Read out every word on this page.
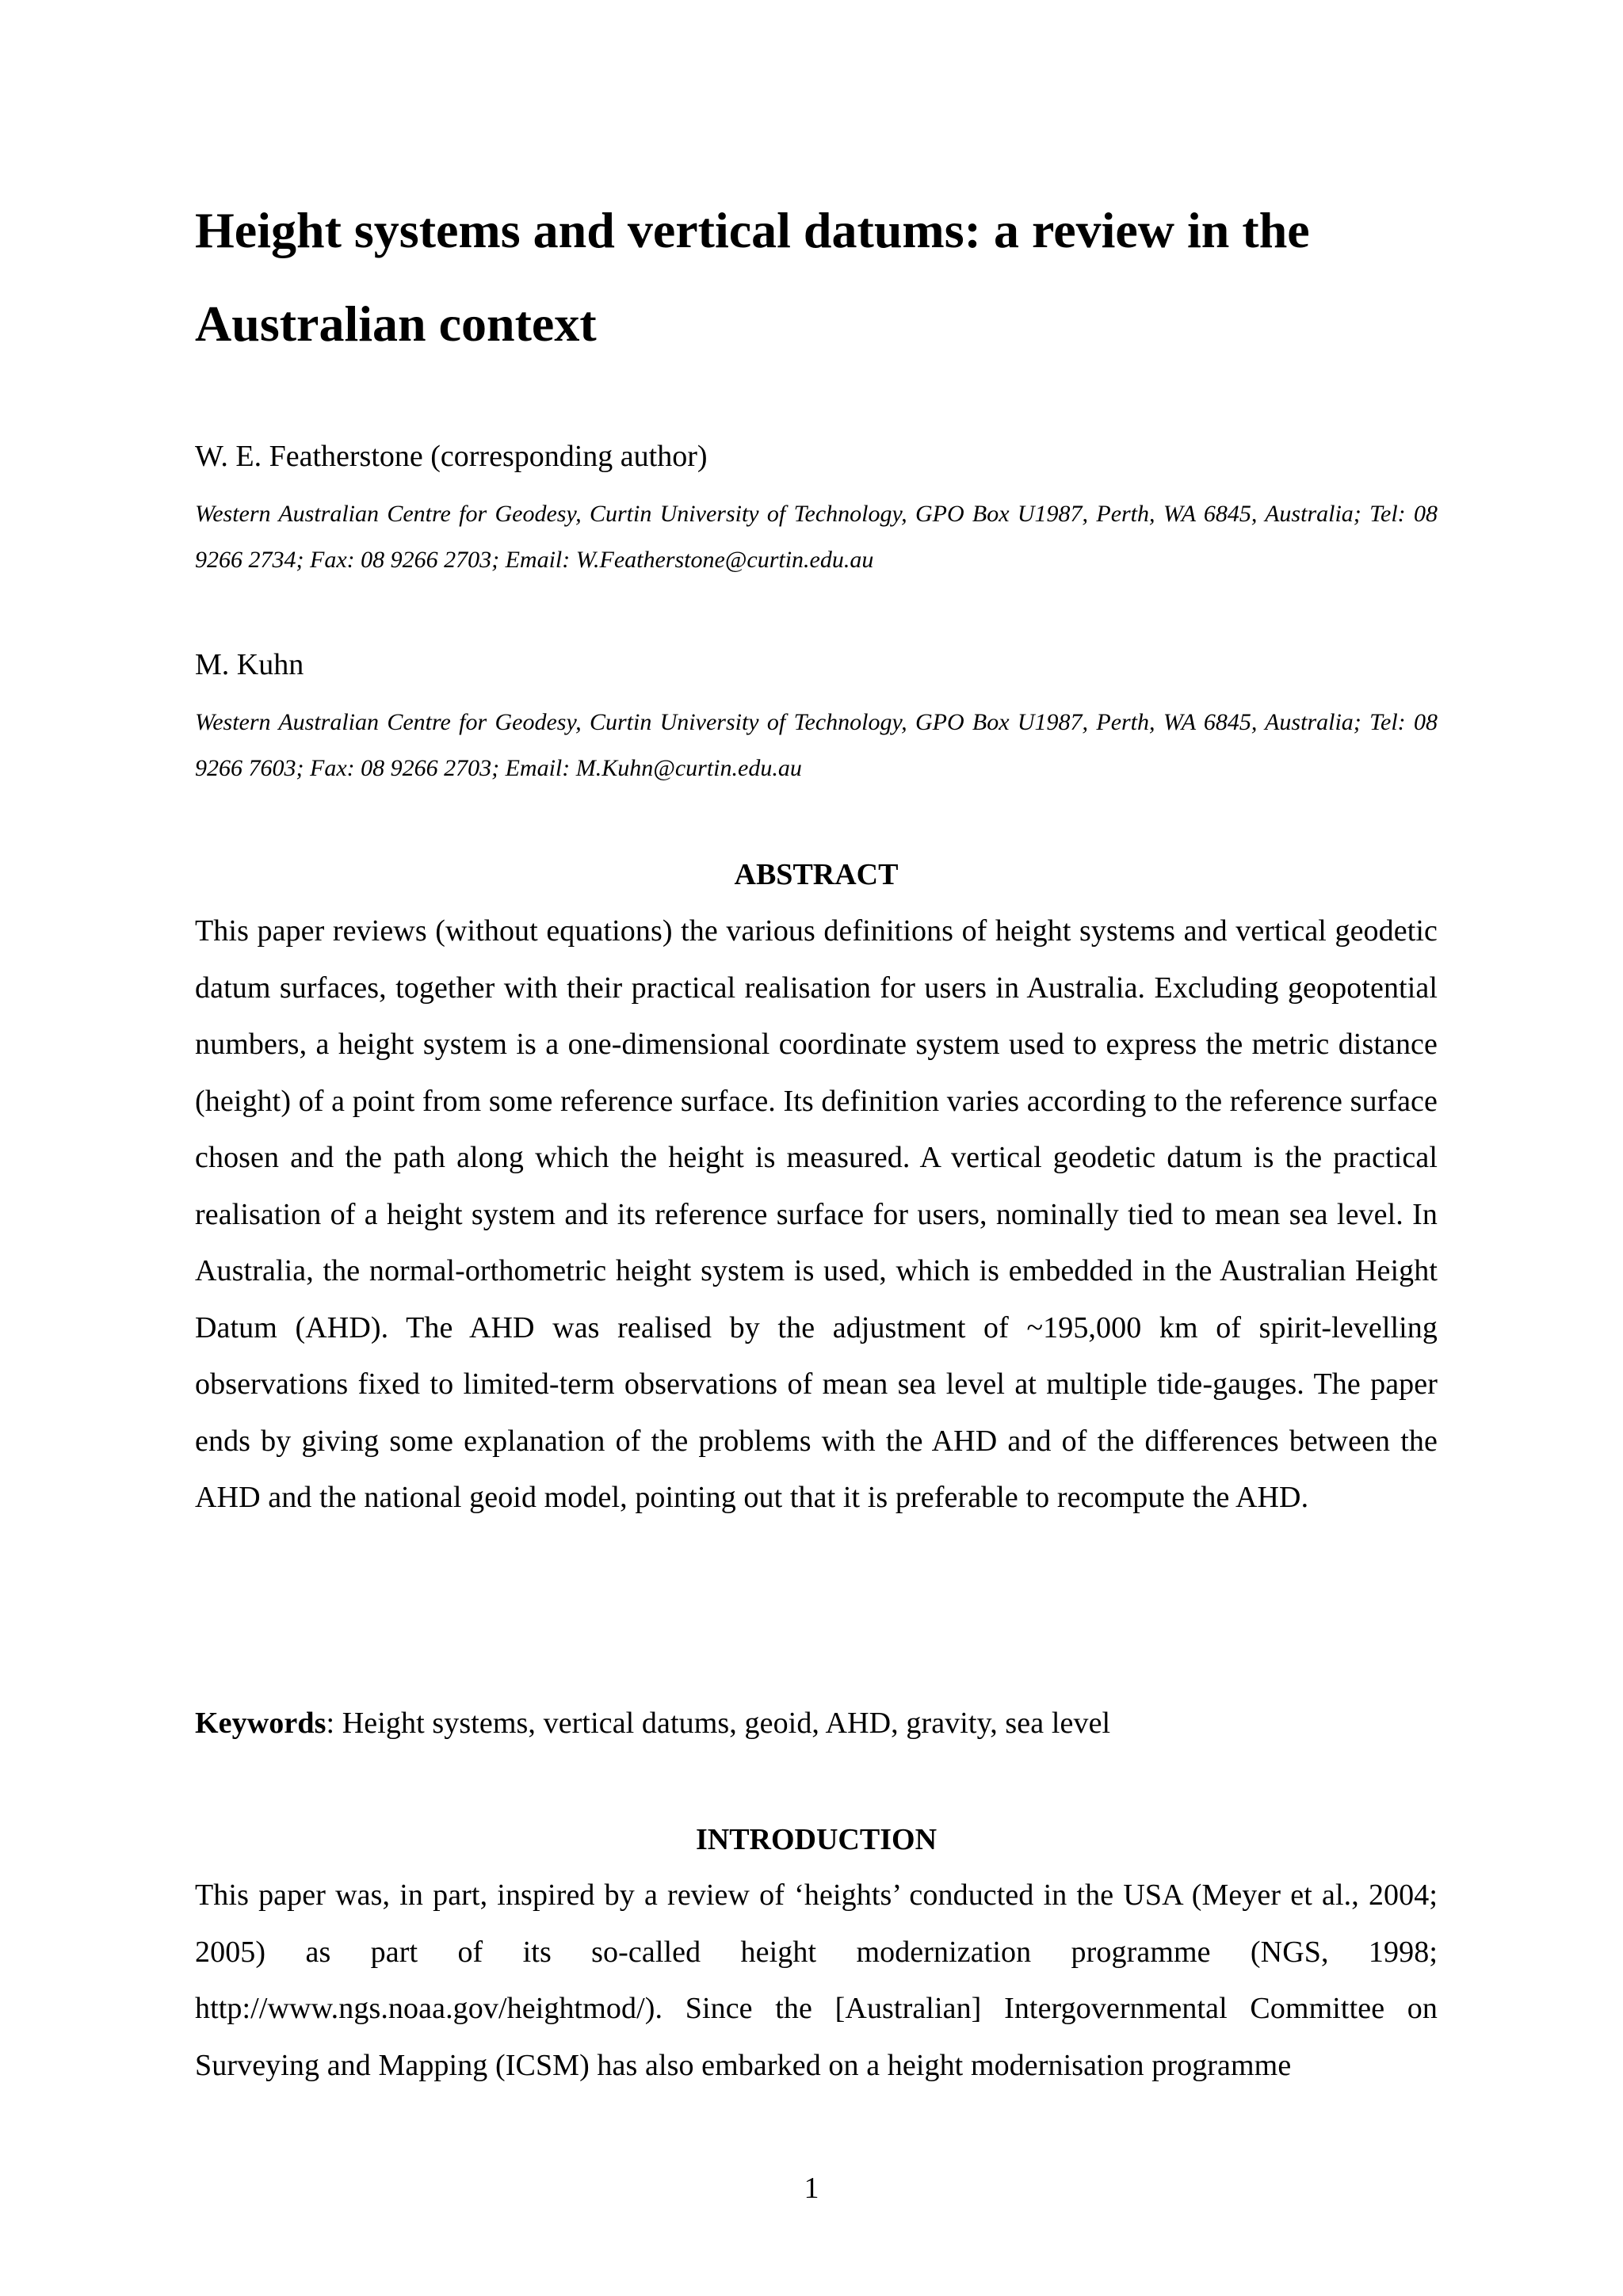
Height systems and vertical datums: a review in the Australian context

W. E. Featherstone (corresponding author)

Western Australian Centre for Geodesy, Curtin University of Technology, GPO Box U1987, Perth, WA 6845, Australia; Tel: 08 9266 2734; Fax: 08 9266 2703; Email: W.Featherstone@curtin.edu.au

M. Kuhn

Western Australian Centre for Geodesy, Curtin University of Technology, GPO Box U1987, Perth, WA 6845, Australia; Tel: 08 9266 7603; Fax: 08 9266 2703; Email: M.Kuhn@curtin.edu.au

ABSTRACT

This paper reviews (without equations) the various definitions of height systems and vertical geodetic datum surfaces, together with their practical realisation for users in Australia. Excluding geopotential numbers, a height system is a one-dimensional coordinate system used to express the metric distance (height) of a point from some reference surface. Its definition varies according to the reference surface chosen and the path along which the height is measured. A vertical geodetic datum is the practical realisation of a height system and its reference surface for users, nominally tied to mean sea level. In Australia, the normal-orthometric height system is used, which is embedded in the Australian Height Datum (AHD). The AHD was realised by the adjustment of ~195,000 km of spirit-levelling observations fixed to limited-term observations of mean sea level at multiple tide-gauges. The paper ends by giving some explanation of the problems with the AHD and of the differences between the AHD and the national geoid model, pointing out that it is preferable to recompute the AHD.

Keywords: Height systems, vertical datums, geoid, AHD, gravity, sea level

INTRODUCTION

This paper was, in part, inspired by a review of ‘heights’ conducted in the USA (Meyer et al., 2004; 2005) as part of its so-called height modernization programme (NGS, 1998; http://www.ngs.noaa.gov/heightmod/). Since the [Australian] Intergovernmental Committee on Surveying and Mapping (ICSM) has also embarked on a height modernisation programme

1
